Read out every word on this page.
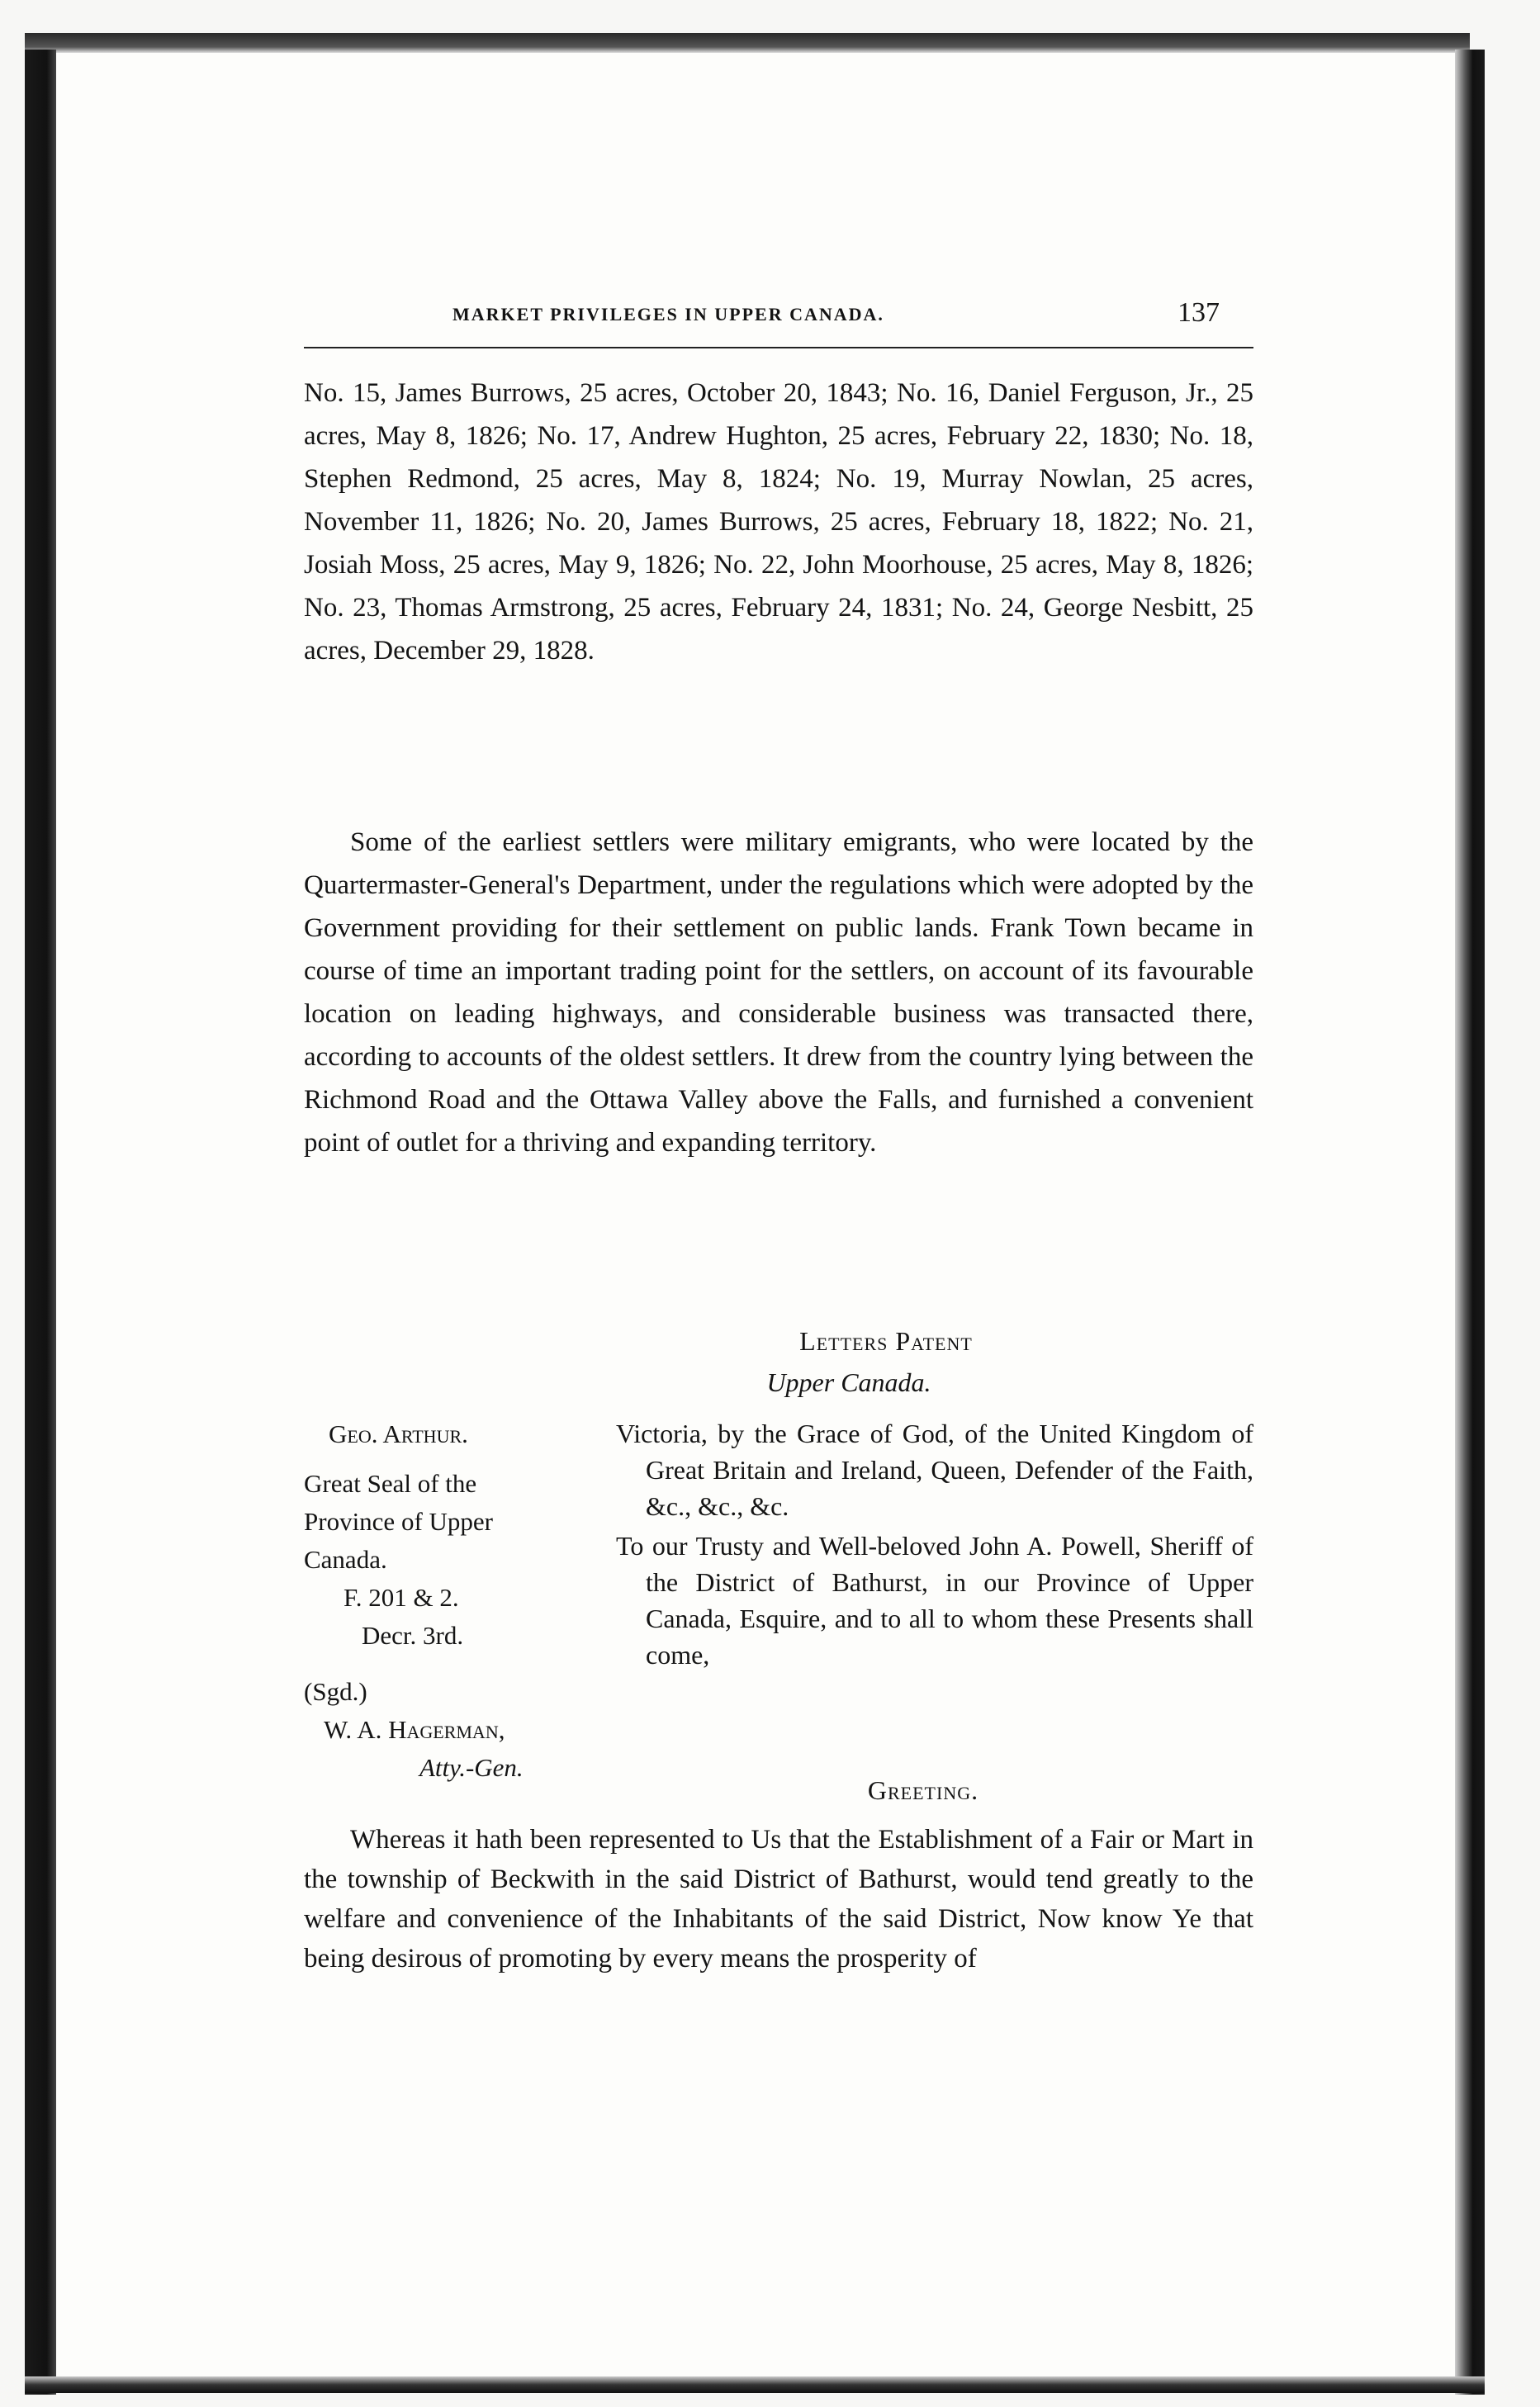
MARKET PRIVILEGES IN UPPER CANADA.	137

No. 15, James Burrows, 25 acres, October 20, 1843; No. 16, Daniel Ferguson, Jr., 25 acres, May 8, 1826; No. 17, Andrew Hughton, 25 acres, February 22, 1830; No. 18, Stephen Redmond, 25 acres, May 8, 1824; No. 19, Murray Nowlan, 25 acres, November 11, 1826; No. 20, James Burrows, 25 acres, February 18, 1822; No. 21, Josiah Moss, 25 acres, May 9, 1826; No. 22, John Moorhouse, 25 acres, May 8, 1826; No. 23, Thomas Armstrong, 25 acres, February 24, 1831; No. 24, George Nesbitt, 25 acres, December 29, 1828.

Some of the earliest settlers were military emigrants, who were located by the Quartermaster-General's Department, under the regulations which were adopted by the Government providing for their settlement on public lands. Frank Town became in course of time an important trading point for the settlers, on account of its favourable location on leading highways, and considerable business was transacted there, according to accounts of the oldest settlers. It drew from the country lying between the Richmond Road and the Ottawa Valley above the Falls, and furnished a convenient point of outlet for a thriving and expanding territory.

Letters Patent
Upper Canada.
Geo. Arthur.
Great Seal of the
Province of Upper
Canada.
F. 201 & 2.
Decr. 3rd.
(Sgd.)
W. A. Hagerman,
Atty.-Gen.

Victoria, by the Grace of God, of the United Kingdom of Great Britain and Ireland, Queen, Defender of the Faith, &c., &c., &c.

To our Trusty and Well-beloved John A. Powell, Sheriff of the District of Bathurst, in our Province of Upper Canada, Esquire, and to all to whom these Presents shall come,

Greeting.

Whereas it hath been represented to Us that the Establishment of a Fair or Mart in the township of Beckwith in the said District of Bathurst, would tend greatly to the welfare and convenience of the Inhabitants of the said District, Now know Ye that being desirous of promoting by every means the prosperity of
